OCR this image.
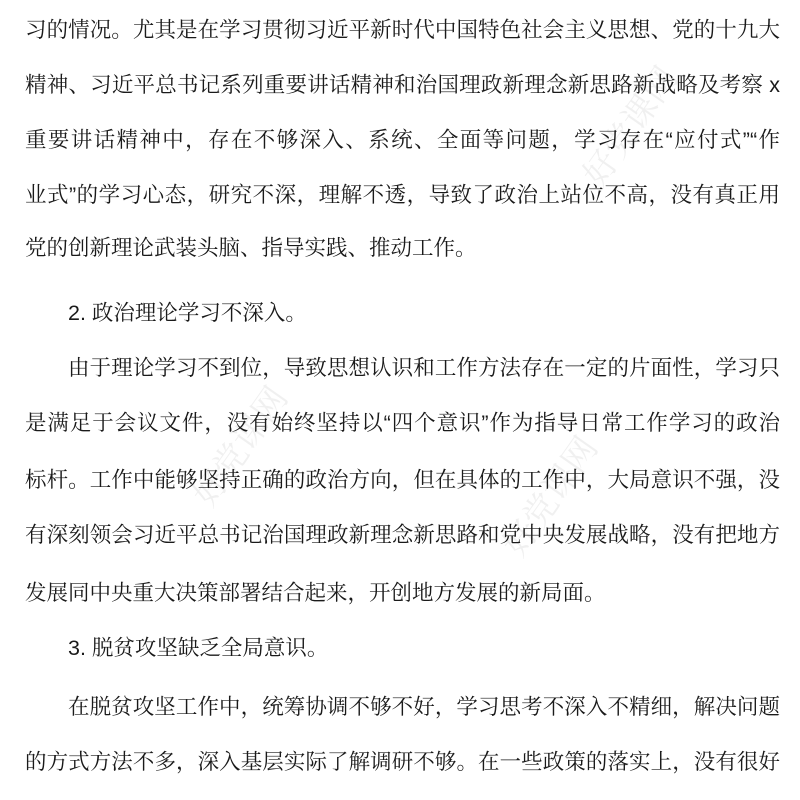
好党课网
好党课网	好党课网
习的情况。尤其是在学习贯彻习近平新时代中国特色社会主义思想、党的十九大
精神、习近平总书记系列重要讲话精神和治国理政新理念新思路新战略及考察 x
重要讲话精神中，存在不够深入、系统、全面等问题，学习存在“应付式”“作
业式”的学习心态，研究不深，理解不透，导致了政治上站位不高，没有真正用
党的创新理论武装头脑、指导实践、推动工作。
2. 政治理论学习不深入。
由于理论学习不到位，导致思想认识和工作方法存在一定的片面性，学习只
是满足于会议文件，没有始终坚持以“四个意识”作为指导日常工作学习的政治
标杆。工作中能够坚持正确的政治方向，但在具体的工作中，大局意识不强，没
有深刻领会习近平总书记治国理政新理念新思路和党中央发展战略，没有把地方
发展同中央重大决策部署结合起来，开创地方发展的新局面。
3. 脱贫攻坚缺乏全局意识。
在脱贫攻坚工作中，统筹协调不够不好，学习思考不深入不精细，解决问题
的方式方法不多，深入基层实际了解调研不够。在一些政策的落实上，没有很好
